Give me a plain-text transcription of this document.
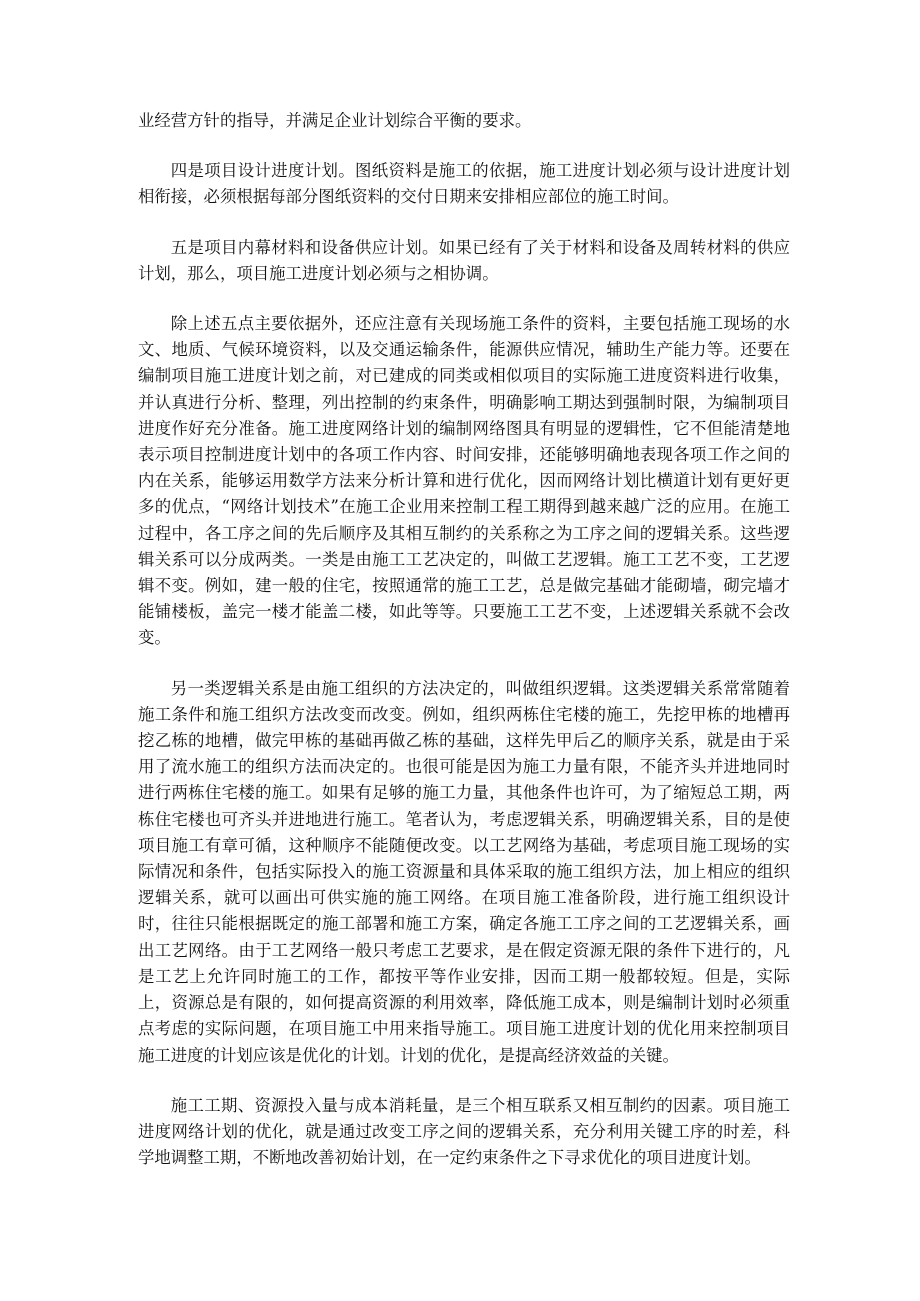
业经营方针的指导，并满足企业计划综合平衡的要求。

四是项目设计进度计划。图纸资料是施工的依据，施工进度计划必须与设计进度计划相衔接，必须根据每部分图纸资料的交付日期来安排相应部位的施工时间。

五是项目内幕材料和设备供应计划。如果已经有了关于材料和设备及周转材料的供应计划，那么，项目施工进度计划必须与之相协调。

除上述五点主要依据外，还应注意有关现场施工条件的资料，主要包括施工现场的水文、地质、气候环境资料，以及交通运输条件，能源供应情况，辅助生产能力等。还要在编制项目施工进度计划之前，对已建成的同类或相似项目的实际施工进度资料进行收集，并认真进行分析、整理，列出控制的约束条件，明确影响工期达到强制时限，为编制项目进度作好充分准备。施工进度网络计划的编制网络图具有明显的逻辑性，它不但能清楚地表示项目控制进度计划中的各项工作内容、时间安排，还能够明确地表现各项工作之间的内在关系，能够运用数学方法来分析计算和进行优化，因而网络计划比横道计划有更好更多的优点，“网络计划技术”在施工企业用来控制工程工期得到越来越广泛的应用。在施工过程中，各工序之间的先后顺序及其相互制约的关系称之为工序之间的逻辑关系。这些逻辑关系可以分成两类。一类是由施工工艺决定的，叫做工艺逻辑。施工工艺不变，工艺逻辑不变。例如，建一般的住宅，按照通常的施工工艺，总是做完基础才能砌墙，砌完墙才能铺楼板，盖完一楼才能盖二楼，如此等等。只要施工工艺不变，上述逻辑关系就不会改变。

另一类逻辑关系是由施工组织的方法决定的，叫做组织逻辑。这类逻辑关系常常随着施工条件和施工组织方法改变而改变。例如，组织两栋住宅楼的施工，先挖甲栋的地槽再挖乙栋的地槽，做完甲栋的基础再做乙栋的基础，这样先甲后乙的顺序关系，就是由于采用了流水施工的组织方法而决定的。也很可能是因为施工力量有限，不能齐头并进地同时进行两栋住宅楼的施工。如果有足够的施工力量，其他条件也许可，为了缩短总工期，两栋住宅楼也可齐头并进地进行施工。笔者认为，考虑逻辑关系，明确逻辑关系，目的是使项目施工有章可循，这种顺序不能随便改变。以工艺网络为基础，考虑项目施工现场的实际情况和条件，包括实际投入的施工资源量和具体采取的施工组织方法，加上相应的组织逻辑关系，就可以画出可供实施的施工网络。在项目施工准备阶段，进行施工组织设计时，往往只能根据既定的施工部署和施工方案，确定各施工工序之间的工艺逻辑关系，画出工艺网络。由于工艺网络一般只考虑工艺要求，是在假定资源无限的条件下进行的，凡是工艺上允许同时施工的工作，都按平等作业安排，因而工期一般都较短。但是，实际上，资源总是有限的，如何提高资源的利用效率，降低施工成本，则是编制计划时必须重点考虑的实际问题，在项目施工中用来指导施工。项目施工进度计划的优化用来控制项目施工进度的计划应该是优化的计划。计划的优化，是提高经济效益的关键。

施工工期、资源投入量与成本消耗量，是三个相互联系又相互制约的因素。项目施工进度网络计划的优化，就是通过改变工序之间的逻辑关系，充分利用关键工序的时差，科学地调整工期，不断地改善初始计划，在一定约束条件之下寻求优化的项目进度计划。
